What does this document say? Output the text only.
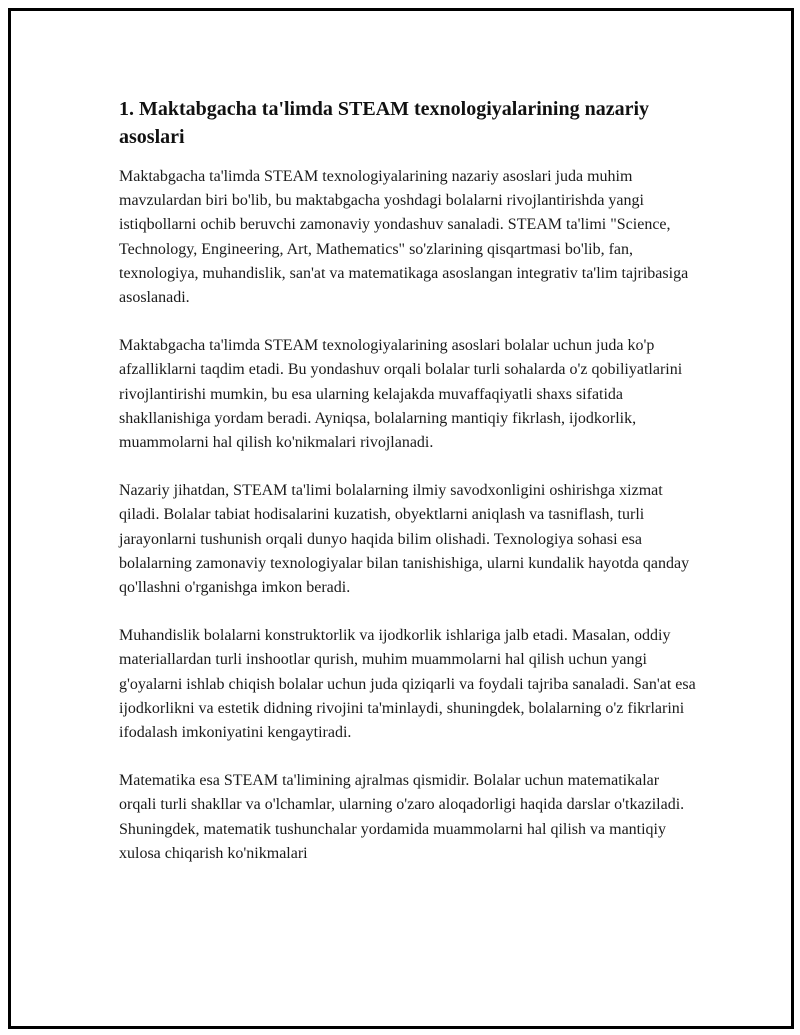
1. Maktabgacha ta'limda STEAM texnologiyalarining nazariy asoslari

Maktabgacha ta'limda STEAM texnologiyalarining nazariy asoslari juda muhim mavzulardan biri bo'lib, bu maktabgacha yoshdagi bolalarni rivojlantirishda yangi istiqbollarni ochib beruvchi zamonaviy yondashuv sanaladi. STEAM ta'limi "Science, Technology, Engineering, Art, Mathematics" so'zlarining qisqartmasi bo'lib, fan, texnologiya, muhandislik, san'at va matematikaga asoslangan integrativ ta'lim tajribasiga asoslanadi.

Maktabgacha ta'limda STEAM texnologiyalarining asoslari bolalar uchun juda ko'p afzalliklarni taqdim etadi. Bu yondashuv orqali bolalar turli sohalarda o'z qobiliyatlarini rivojlantirishi mumkin, bu esa ularning kelajakda muvaffaqiyatli shaxs sifatida shakllanishiga yordam beradi. Ayniqsa, bolalarning mantiqiy fikrlash, ijodkorlik, muammolarni hal qilish ko'nikmalari rivojlanadi.

Nazariy jihatdan, STEAM ta'limi bolalarning ilmiy savodxonligini oshirishga xizmat qiladi. Bolalar tabiat hodisalarini kuzatish, obyektlarni aniqlash va tasniflash, turli jarayonlarni tushunish orqali dunyo haqida bilim olishadi. Texnologiya sohasi esa bolalarning zamonaviy texnologiyalar bilan tanishishiga, ularni kundalik hayotda qanday qo'llashni o'rganishga imkon beradi.

Muhandislik bolalarni konstruktorlik va ijodkorlik ishlariga jalb etadi. Masalan, oddiy materiallardan turli inshootlar qurish, muhim muammolarni hal qilish uchun yangi g'oyalarni ishlab chiqish bolalar uchun juda qiziqarli va foydali tajriba sanaladi. San'at esa ijodkorlikni va estetik didning rivojini ta'minlaydi, shuningdek, bolalarning o'z fikrlarini ifodalash imkoniyatini kengaytiradi.

Matematika esa STEAM ta'limining ajralmas qismidir. Bolalar uchun matematikalar orqali turli shakllar va o'lchamlar, ularning o'zaro aloqadorligi haqida darslar o'tkaziladi. Shuningdek, matematik tushunchalar yordamida muammolarni hal qilish va mantiqiy xulosa chiqarish ko'nikmalari
